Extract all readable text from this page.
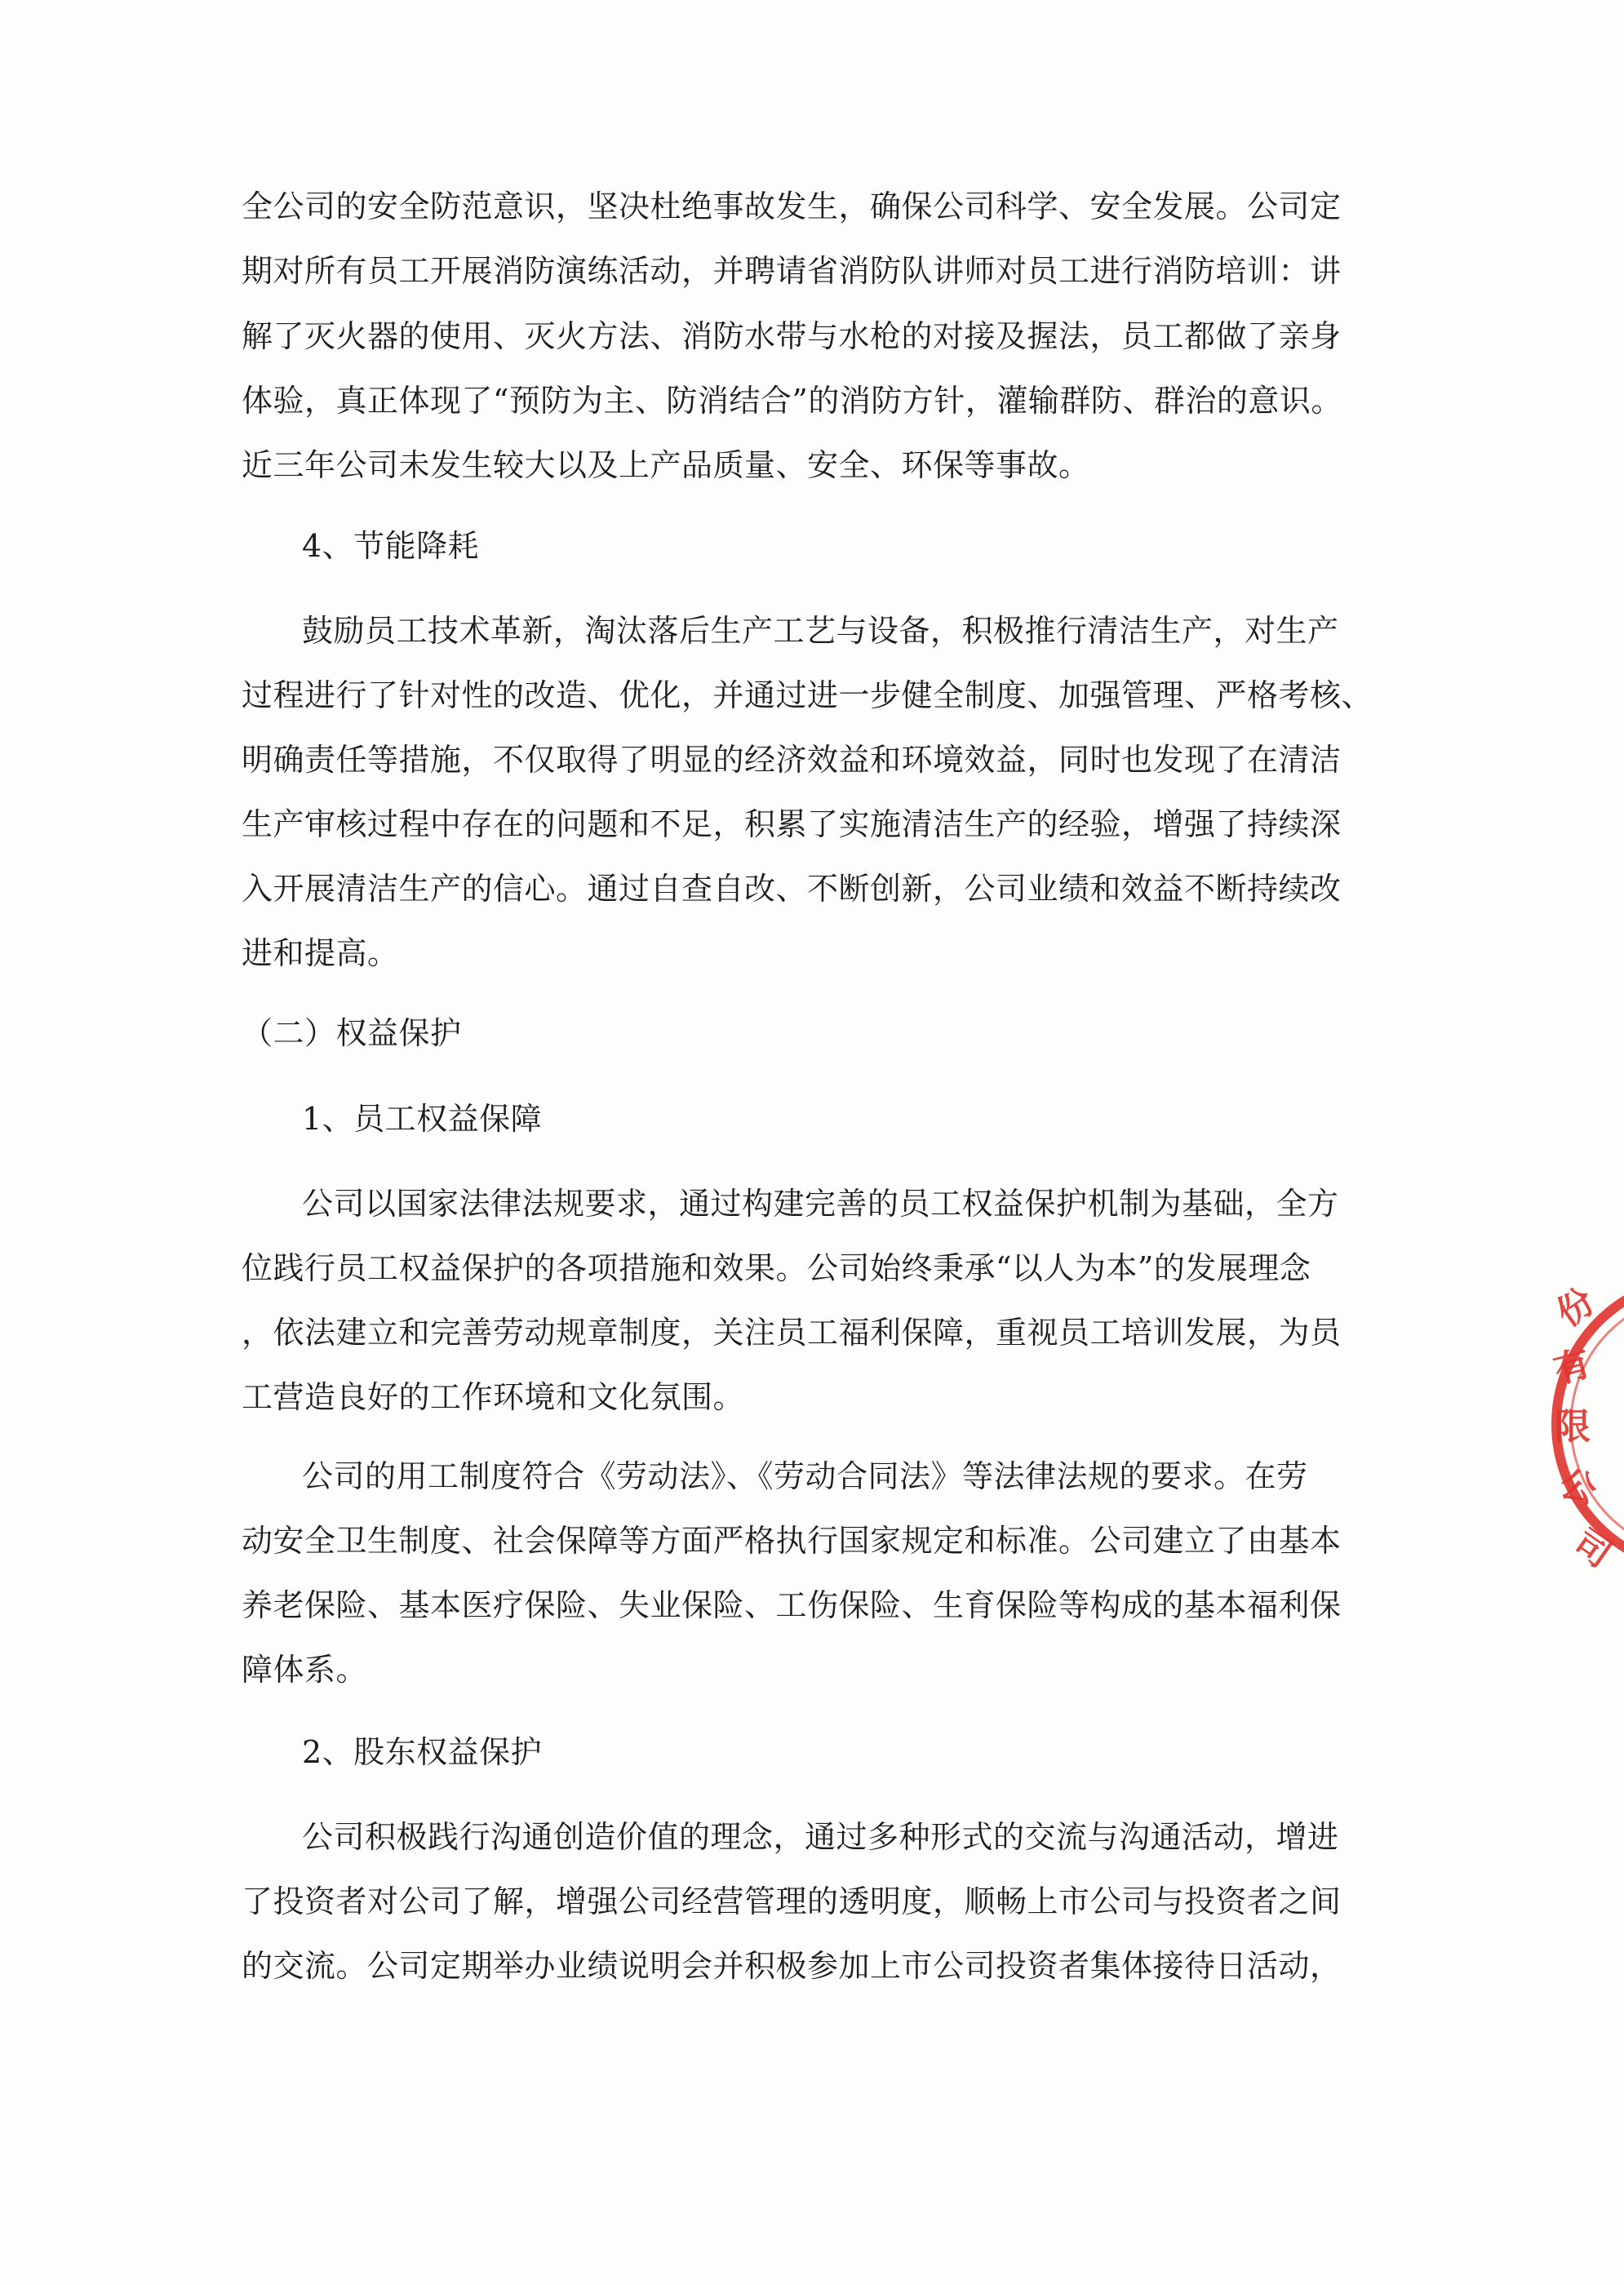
全公司的安全防范意识，坚决杜绝事故发生，确保公司科学、安全发展。公司定

期对所有员工开展消防演练活动，并聘请省消防队讲师对员工进行消防培训：讲

解了灭火器的使用、灭火方法、消防水带与水枪的对接及握法，员工都做了亲身

体验，真正体现了“预防为主、防消结合”的消防方针，灌输群防、群治的意识。

近三年公司未发生较大以及上产品质量、安全、环保等事故。

4、节能降耗

鼓励员工技术革新，淘汰落后生产工艺与设备，积极推行清洁生产，对生产

过程进行了针对性的改造、优化，并通过进一步健全制度、加强管理、严格考核、

明确责任等措施，不仅取得了明显的经济效益和环境效益，同时也发现了在清洁

生产审核过程中存在的问题和不足，积累了实施清洁生产的经验，增强了持续深

入开展清洁生产的信心。通过自查自改、不断创新，公司业绩和效益不断持续改

进和提高。

（二）权益保护

1、员工权益保障

公司以国家法律法规要求，通过构建完善的员工权益保护机制为基础，全方

位践行员工权益保护的各项措施和效果。公司始终秉承“以人为本”的发展理念

，依法建立和完善劳动规章制度，关注员工福利保障，重视员工培训发展，为员

工营造良好的工作环境和文化氛围。

公司的用工制度符合《劳动法》、《劳动合同法》等法律法规的要求。在劳

动安全卫生制度、社会保障等方面严格执行国家规定和标准。公司建立了由基本

养老保险、基本医疗保险、失业保险、工伤保险、生育保险等构成的基本福利保

障体系。

2、股东权益保护

公司积极践行沟通创造价值的理念，通过多种形式的交流与沟通活动，增进

了投资者对公司了解，增强公司经营管理的透明度，顺畅上市公司与投资者之间

的交流。公司定期举办业绩说明会并积极参加上市公司投资者集体接待日活动，

份
有
限
公
司
